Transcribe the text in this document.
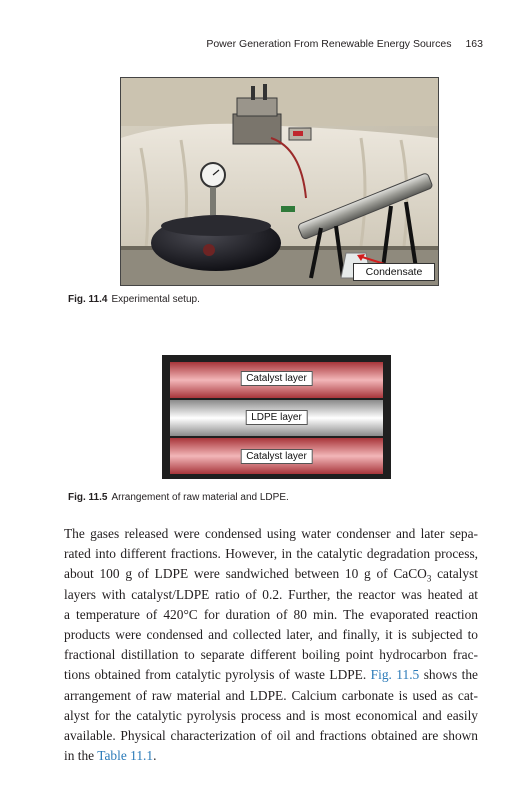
Power Generation From Renewable Energy Sources 163
Condensate
Fig. 11.4 Experimental setup.
Catalyst layer
LDPE layer
Catalyst layer
Fig. 11.5 Arrangement of raw material and LDPE.
The gases released were condensed using water condenser and later sepa-
rated into different fractions. However, in the catalytic degradation process,
about 100 g of LDPE were sandwiched between 10 g of CaCO$_3$ catalyst
layers with catalyst/LDPE ratio of 0.2. Further, the reactor was heated at
a temperature of 420°C for duration of 80 min. The evaporated reaction
products were condensed and collected later, and finally, it is subjected to
fractional distillation to separate different boiling point hydrocarbon frac-
tions obtained from catalytic pyrolysis of waste LDPE. Fig. 11.5 shows the
arrangement of raw material and LDPE. Calcium carbonate is used as cat-
alyst for the catalytic pyrolysis process and is most economical and easily
available. Physical characterization of oil and fractions obtained are shown
in the Table 11.1.
